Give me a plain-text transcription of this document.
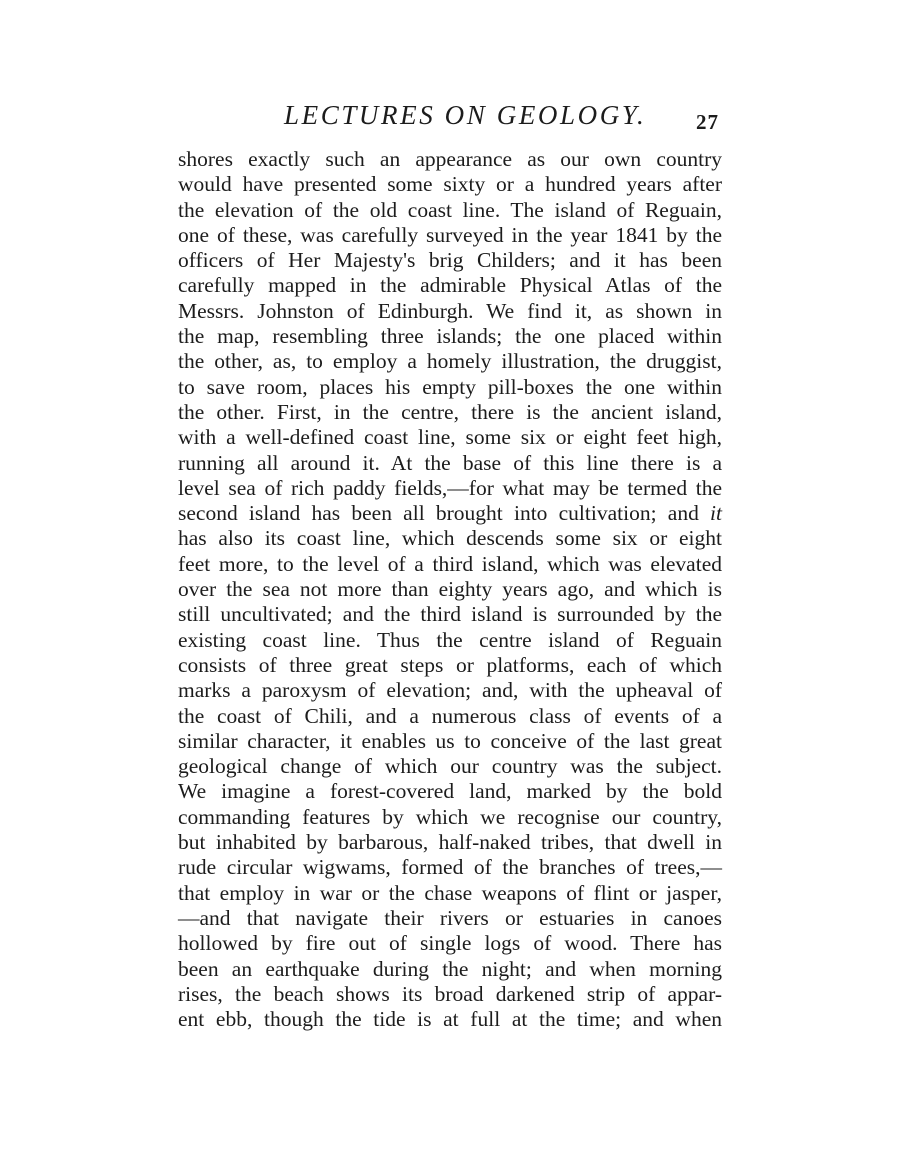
LECTURES ON GEOLOGY. 27
shores exactly such an appearance as our own country
would have presented some sixty or a hundred years after
the elevation of the old coast line. The island of Reguain,
one of these, was carefully surveyed in the year 1841 by the
officers of Her Majesty's brig Childers; and it has been
carefully mapped in the admirable Physical Atlas of the
Messrs. Johnston of Edinburgh. We find it, as shown in
the map, resembling three islands; the one placed within
the other, as, to employ a homely illustration, the druggist,
to save room, places his empty pill-boxes the one within
the other. First, in the centre, there is the ancient island,
with a well-defined coast line, some six or eight feet high,
running all around it. At the base of this line there is a
level sea of rich paddy fields,—for what may be termed the
second island has been all brought into cultivation; and it
has also its coast line, which descends some six or eight
feet more, to the level of a third island, which was elevated
over the sea not more than eighty years ago, and which is
still uncultivated; and the third island is surrounded by the
existing coast line. Thus the centre island of Reguain
consists of three great steps or platforms, each of which
marks a paroxysm of elevation; and, with the upheaval of
the coast of Chili, and a numerous class of events of a
similar character, it enables us to conceive of the last great
geological change of which our country was the subject.
We imagine a forest-covered land, marked by the bold
commanding features by which we recognise our country,
but inhabited by barbarous, half-naked tribes, that dwell in
rude circular wigwams, formed of the branches of trees,—
that employ in war or the chase weapons of flint or jasper,
—and that navigate their rivers or estuaries in canoes
hollowed by fire out of single logs of wood. There has
been an earthquake during the night; and when morning
rises, the beach shows its broad darkened strip of appar-
ent ebb, though the tide is at full at the time; and when
